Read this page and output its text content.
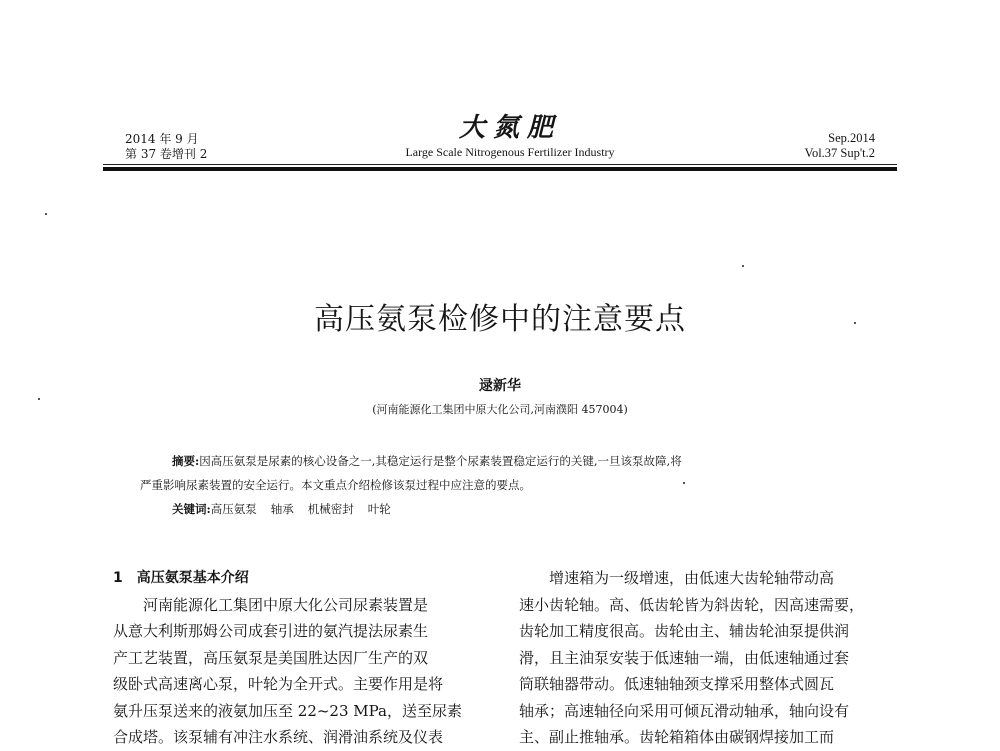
2014 年 9 月
第 37 卷增刊 2
大氮肥
Large Scale Nitrogenous Fertilizer Industry
Sep.2014
Vol.37 Sup't.2
高压氨泵检修中的注意要点
逯新华
(河南能源化工集团中原大化公司,河南濮阳 457004)

摘要:因高压氨泵是尿素的核心设备之一,其稳定运行是整个尿素装置稳定运行的关键,一旦该泵故障,将

严重影响尿素装置的安全运行。本文重点介绍检修该泵过程中应注意的要点。

关键词:高压氨泵 轴承 机械密封 叶轮

1　高压氨泵基本介绍

河南能源化工集团中原大化公司尿素装置是

从意大利斯那姆公司成套引进的氨汽提法尿素生

产工艺装置，高压氨泵是美国胜达因厂生产的双

级卧式高速离心泵，叶轮为全开式。主要作用是将

氨升压泵送来的液氨加压至 22~23 MPa，送至尿素

合成塔。该泵辅有冲注水系统、润滑油系统及仪表

增速箱为一级增速，由低速大齿轮轴带动高

速小齿轮轴。高、低齿轮皆为斜齿轮，因高速需要，

齿轮加工精度很高。齿轮由主、辅齿轮油泵提供润

滑，且主油泵安装于低速轴一端，由低速轴通过套

筒联轴器带动。低速轴轴颈支撑采用整体式圆瓦

轴承；高速轴径向采用可倾瓦滑动轴承，轴向设有

主、副止推轴承。齿轮箱箱体由碳钢焊接加工而
